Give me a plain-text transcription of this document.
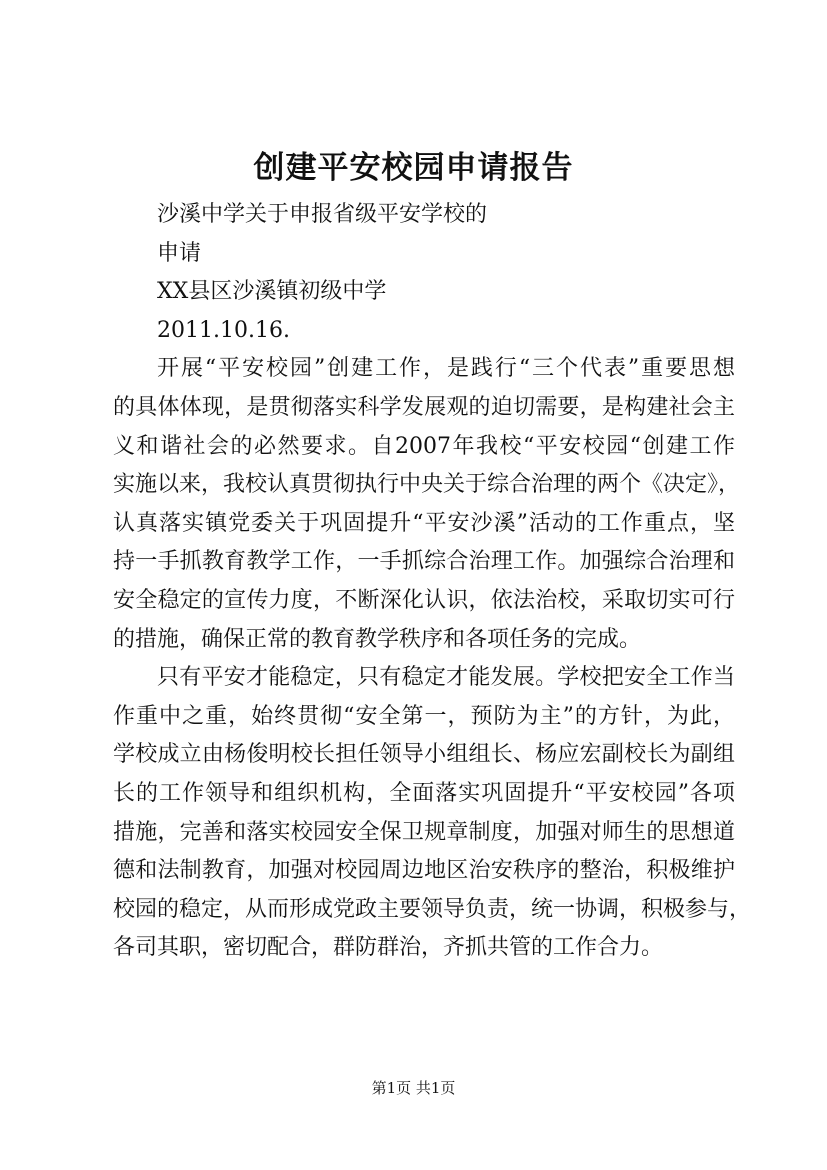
创建平安校园申请报告
沙溪中学关于申报省级平安学校的
申请
XX县区沙溪镇初级中学
2011.10.16.
开展“平安校园”创建工作，是践行“三个代表”重要思想
的具体体现，是贯彻落实科学发展观的迫切需要，是构建社会主
义和谐社会的必然要求。自2007年我校“平安校园“创建工作
实施以来，我校认真贯彻执行中央关于综合治理的两个《决定》，
认真落实镇党委关于巩固提升“平安沙溪”活动的工作重点，坚
持一手抓教育教学工作，一手抓综合治理工作。加强综合治理和
安全稳定的宣传力度，不断深化认识，依法治校，采取切实可行
的措施，确保正常的教育教学秩序和各项任务的完成。
只有平安才能稳定，只有稳定才能发展。学校把安全工作当
作重中之重，始终贯彻“安全第一，预防为主”的方针，为此，
学校成立由杨俊明校长担任领导小组组长、杨应宏副校长为副组
长的工作领导和组织机构，全面落实巩固提升“平安校园”各项
措施，完善和落实校园安全保卫规章制度，加强对师生的思想道
德和法制教育，加强对校园周边地区治安秩序的整治，积极维护
校园的稳定，从而形成党政主要领导负责，统一协调，积极参与，
各司其职，密切配合，群防群治，齐抓共管的工作合力。
第1页 共1页
